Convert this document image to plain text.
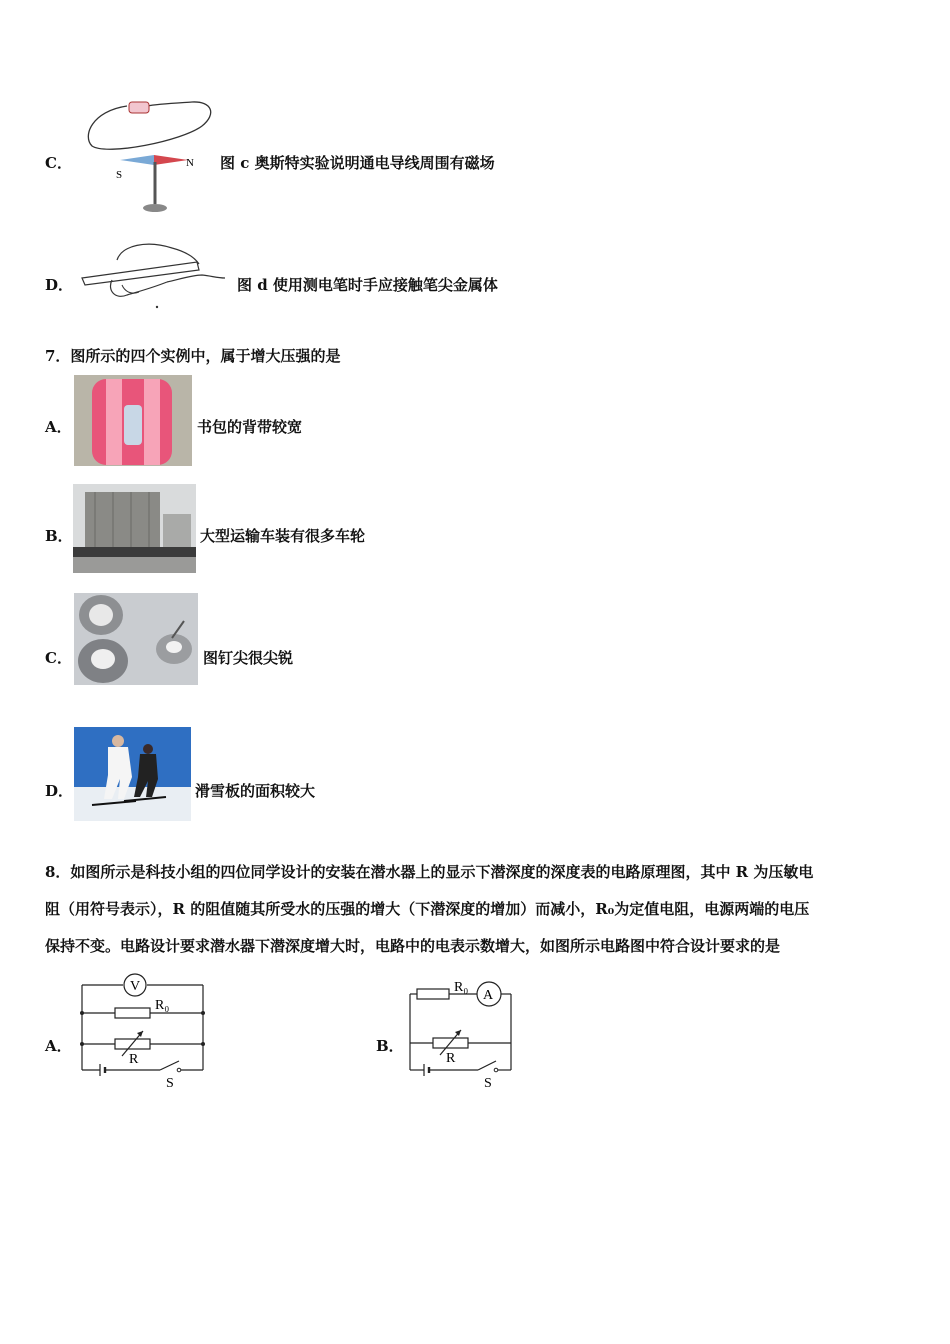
C．	N
S
图 c 奥斯特实验说明通电导线周围有磁场
D．	图 d 使用测电笔时手应接触笔尖金属体
7．图所示的四个实例中，属于增大压强的是
A．	书包的背带较宽
B．	大型运输车装有很多车轮
C．	图钉尖很尖锐
D．	滑雪板的面积较大
8．如图所示是科技小组的四位同学设计的安装在潜水器上的显示下潜深度的深度表的电路原理图，其中 R 为压敏电
阻（用符号表示），R 的阻值随其所受水的压强的增大（下潜深度的增加）而减小，R₀为定值电阻，电源两端的电压
保持不变。电路设计要求潜水器下潜深度增大时，电路中的电表示数增大，如图所示电路图中符合设计要求的是
A．
V
R₀
R
S
B．
A
R₀
R
S
